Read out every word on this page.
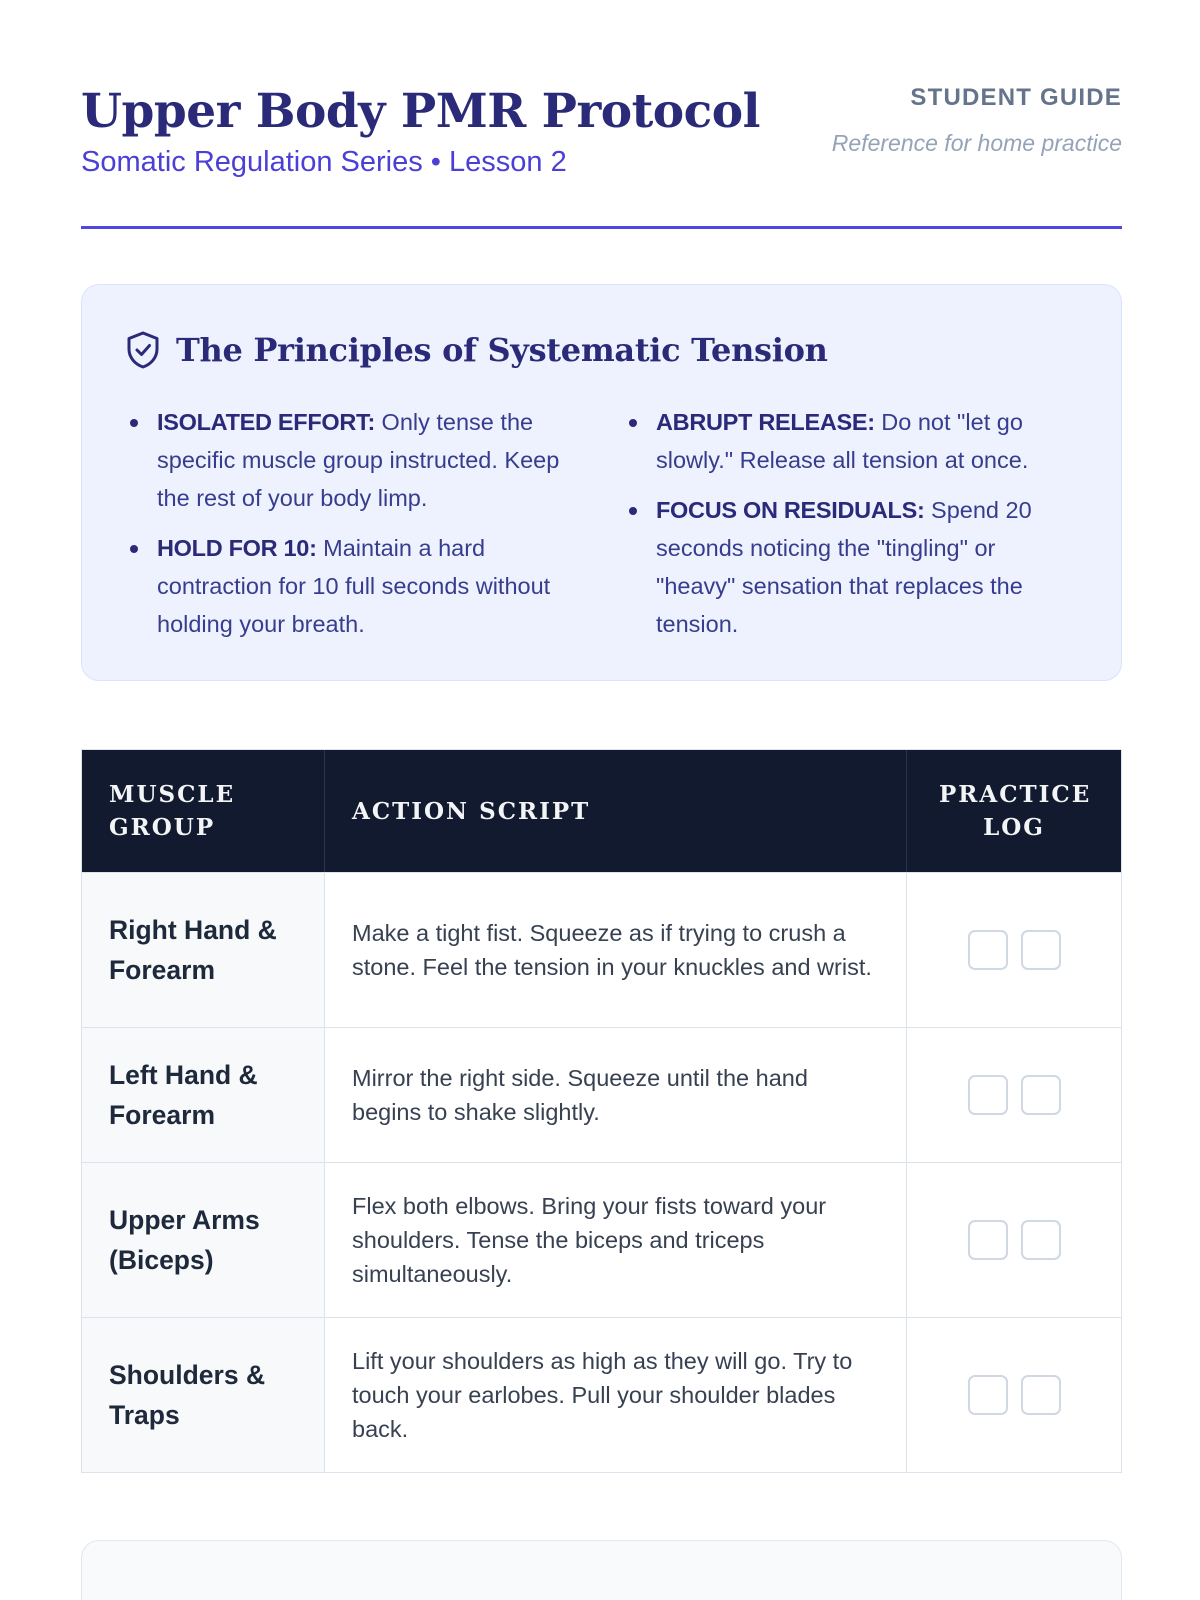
Upper Body PMR Protocol
Somatic Regulation Series • Lesson 2
STUDENT GUIDE
Reference for home practice
The Principles of Systematic Tension
ISOLATED EFFORT: Only tense the specific muscle group instructed. Keep the rest of your body limp.
HOLD FOR 10: Maintain a hard contraction for 10 full seconds without holding your breath.
ABRUPT RELEASE: Do not "let go slowly." Release all tension at once.
FOCUS ON RESIDUALS: Spend 20 seconds noticing the "tingling" or "heavy" sensation that replaces the tension.
MUSCLE GROUP
ACTION SCRIPT
PRACTICE LOG
Right Hand & Forearm
Make a tight fist. Squeeze as if trying to crush a stone. Feel the tension in your knuckles and wrist.
Left Hand & Forearm
Mirror the right side. Squeeze until the hand begins to shake slightly.
Upper Arms (Biceps)
Flex both elbows. Bring your fists toward your shoulders. Tense the biceps and triceps simultaneously.
Shoulders & Traps
Lift your shoulders as high as they will go. Try to touch your earlobes. Pull your shoulder blades back.
